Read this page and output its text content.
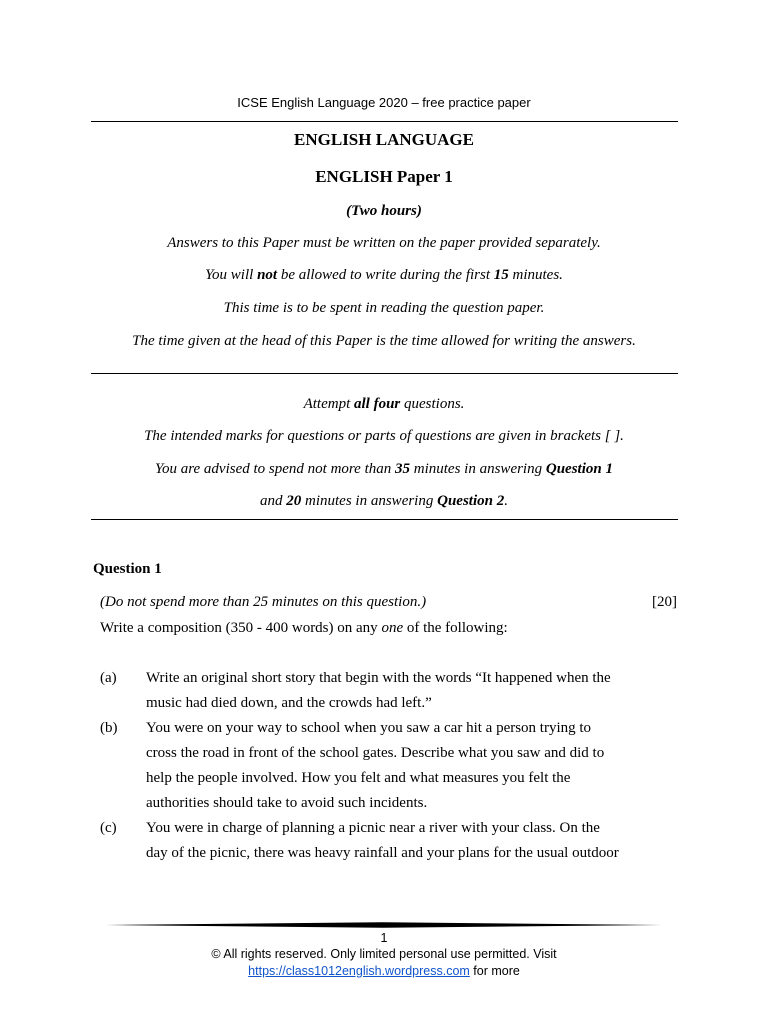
ICSE English Language 2020 – free practice paper
ENGLISH LANGUAGE
ENGLISH Paper 1
(Two hours)
Answers to this Paper must be written on the paper provided separately.
You will not be allowed to write during the first 15 minutes.
This time is to be spent in reading the question paper.
The time given at the head of this Paper is the time allowed for writing the answers.
Attempt all four questions.
The intended marks for questions or parts of questions are given in brackets [ ].
You are advised to spend not more than 35 minutes in answering Question 1
and 20 minutes in answering Question 2.
Question 1
(Do not spend more than 25 minutes on this question.)	[20]
Write a composition (350 - 400 words) on any one of the following:
(a) Write an original short story that begin with the words “It happened when the
music had died down, and the crowds had left.”
(b) You were on your way to school when you saw a car hit a person trying to
cross the road in front of the school gates. Describe what you saw and did to
help the people involved. How you felt and what measures you felt the
authorities should take to avoid such incidents.
(c) You were in charge of planning a picnic near a river with your class. On the
day of the picnic, there was heavy rainfall and your plans for the usual outdoor
1
© All rights reserved. Only limited personal use permitted. Visit
https://class1012english.wordpress.com for more
